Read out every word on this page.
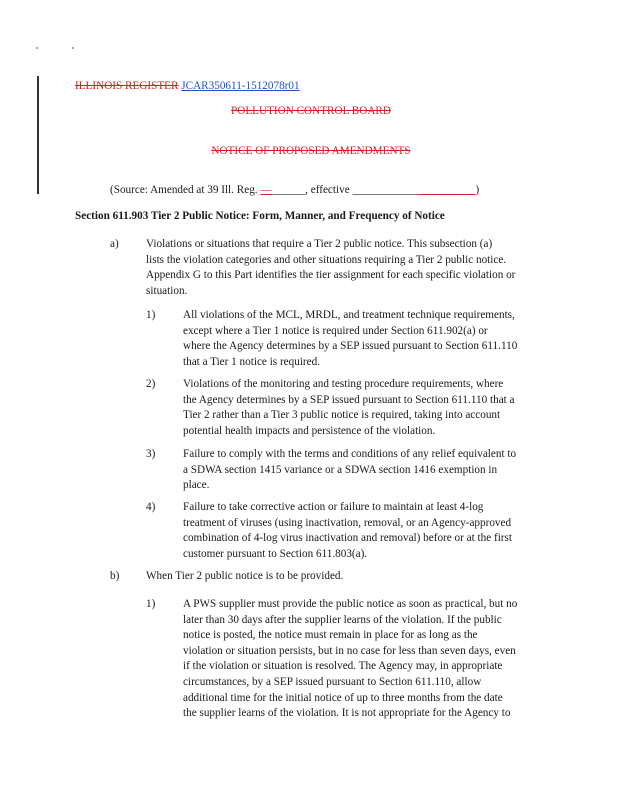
ILLINOIS REGISTER JCAR350611-1512078r01
POLLUTION CONTROL BOARD
NOTICE OF PROPOSED AMENDMENTS
(Source: Amended at 39 Ill. Reg. —______, effective ______________________)
Section 611.903 Tier 2 Public Notice: Form, Manner, and Frequency of Notice
a) Violations or situations that require a Tier 2 public notice. This subsection (a)
lists the violation categories and other situations requiring a Tier 2 public notice.
Appendix G to this Part identifies the tier assignment for each specific violation or
situation.
1) All violations of the MCL, MRDL, and treatment technique requirements,
except where a Tier 1 notice is required under Section 611.902(a) or
where the Agency determines by a SEP issued pursuant to Section 611.110
that a Tier 1 notice is required.
2) Violations of the monitoring and testing procedure requirements, where
the Agency determines by a SEP issued pursuant to Section 611.110 that a
Tier 2 rather than a Tier 3 public notice is required, taking into account
potential health impacts and persistence of the violation.
3) Failure to comply with the terms and conditions of any relief equivalent to
a SDWA section 1415 variance or a SDWA section 1416 exemption in
place.
4) Failure to take corrective action or failure to maintain at least 4-log
treatment of viruses (using inactivation, removal, or an Agency-approved
combination of 4-log virus inactivation and removal) before or at the first
customer pursuant to Section 611.803(a).
b) When Tier 2 public notice is to be provided.
1) A PWS supplier must provide the public notice as soon as practical, but no
later than 30 days after the supplier learns of the violation. If the public
notice is posted, the notice must remain in place for as long as the
violation or situation persists, but in no case for less than seven days, even
if the violation or situation is resolved. The Agency may, in appropriate
circumstances, by a SEP issued pursuant to Section 611.110, allow
additional time for the initial notice of up to three months from the date
the supplier learns of the violation. It is not appropriate for the Agency to
